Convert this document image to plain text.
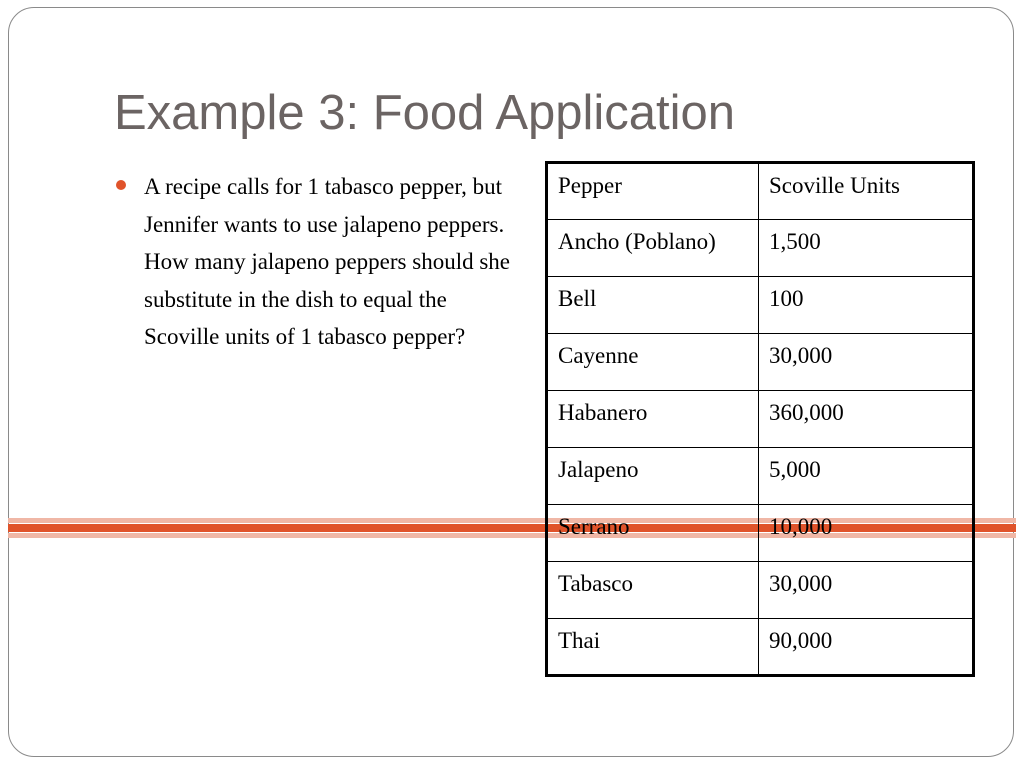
Example 3: Food Application
A recipe calls for 1 tabasco pepper, but Jennifer wants to use jalapeno peppers. How many jalapeno peppers should she substitute in the dish to equal the Scoville units of 1 tabasco pepper?
Pepper	Scoville Units
Ancho (Poblano)	1,500
Bell	100
Cayenne	30,000
Habanero	360,000
Jalapeno	5,000
Serrano	10,000
Tabasco	30,000
Thai	90,000
